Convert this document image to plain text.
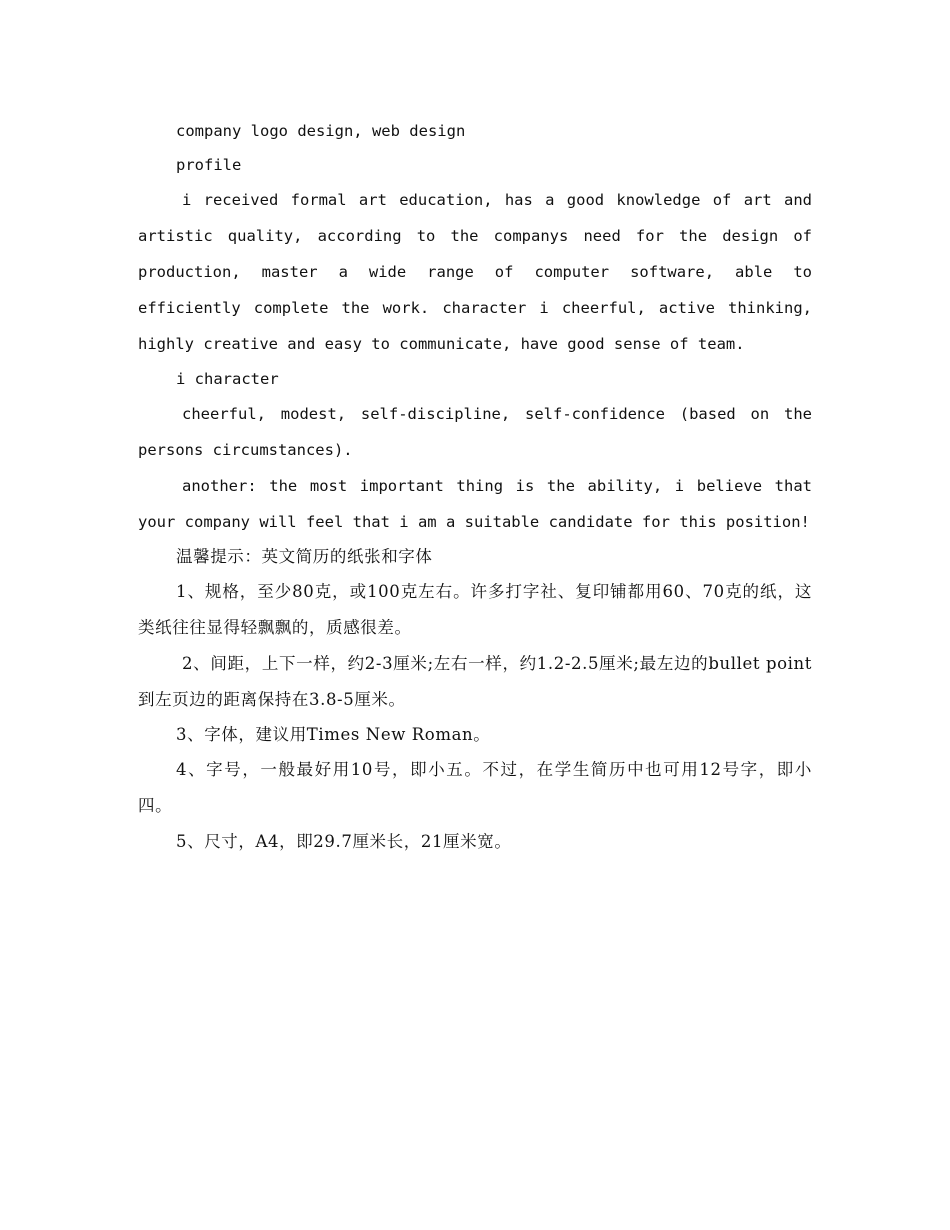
company logo design, web design

profile

i received formal art education, has a good knowledge of art and artistic quality, according to the companys need for the design of production, master a wide range of computer software, able to efficiently complete the work. character i cheerful, active thinking, highly creative and easy to communicate, have good sense of team.

i character

cheerful, modest, self-discipline, self-confidence (based on the persons circumstances).

another: the most important thing is the ability, i believe that your company will feel that i am a suitable candidate for this position!

温馨提示：英文简历的纸张和字体

1、规格，至少80克，或100克左右。许多打字社、复印铺都用60、70克的纸，这类纸往往显得轻飘飘的，质感很差。

2、间距，上下一样，约2-3厘米;左右一样，约1.2-2.5厘米;最左边的bullet point到左页边的距离保持在3.8-5厘米。

3、字体，建议用Times New Roman。

4、字号，一般最好用10号，即小五。不过，在学生简历中也可用12号字，即小四。

5、尺寸，A4，即29.7厘米长，21厘米宽。
